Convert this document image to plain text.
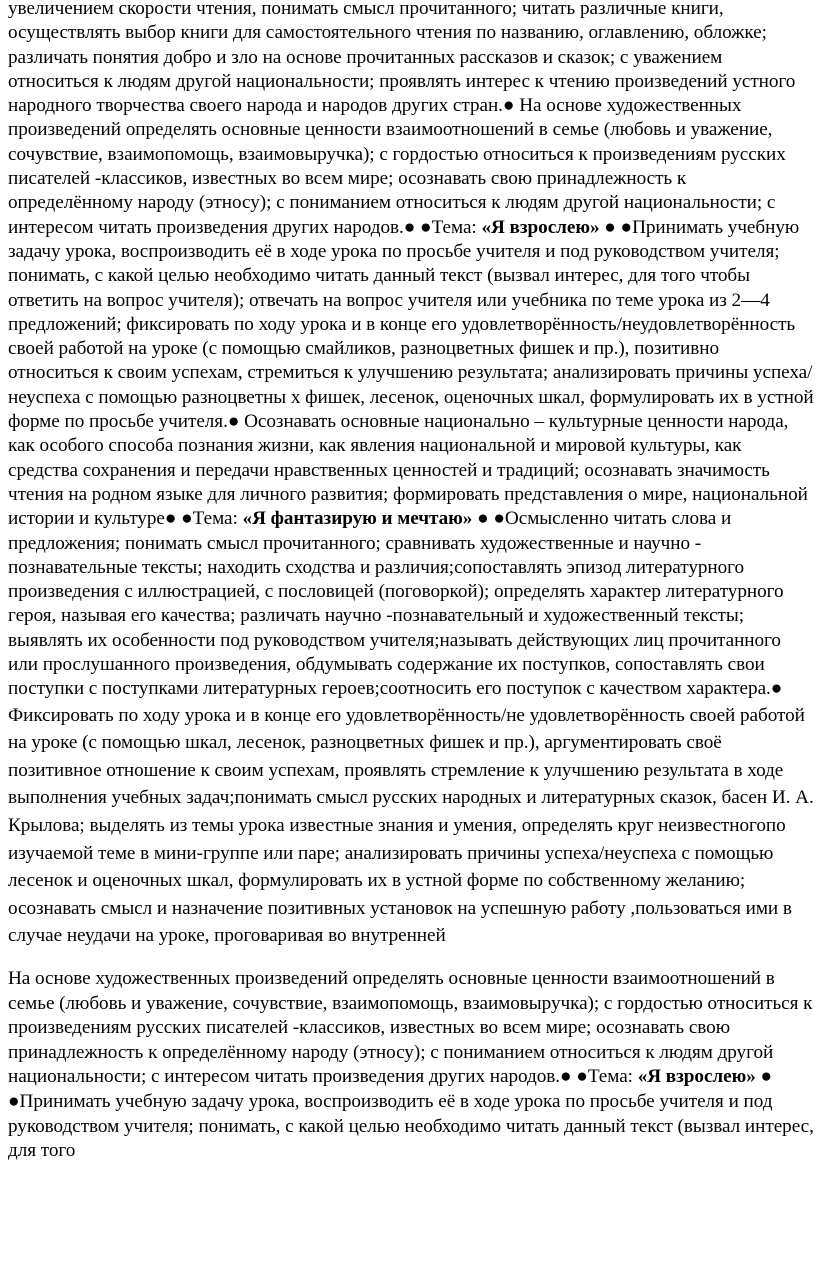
увеличением скорости чтения, понимать смысл прочитанного; читать различные книги, осуществлять выбор книги для самостоятельного чтения по названию, оглавлению, обложке; различать понятия добро и зло на основе прочитанных рассказов и сказок; с уважением относиться к людям другой национальности; проявлять интерес к чтению произведений устного народного творчества своего народа и народов других стран.● На основе художественных произведений определять основные ценности взаимоотношений в семье (любовь и уважение, сочувствие, взаимопомощь, взаимовыручка); с гордостью относиться к произведениям русских писателей -классиков, известных во всем мире; осознавать свою принадлежность к определённому народу (этносу); с пониманием относиться к людям другой национальности; с интересом читать произведения других народов.● ●Тема: «Я взрослею» ● ●Принимать учебную задачу урока, воспроизводить её в ходе урока по просьбе учителя и под руководством учителя; понимать, с какой целью необходимо читать данный текст (вызвал интерес, для того чтобы ответить на вопрос учителя); отвечать на вопрос учителя или учебника по теме урока из 2—4 предложений; фиксировать по ходу урока и в конце его удовлетворённость/неудовлетворённость своей работой на уроке (с помощью смайликов, разноцветных фишек и пр.), позитивно относиться к своим успехам, стремиться к улучшению результата; анализировать причины успеха/неуспеха с помощью разноцветны х фишек, лесенок, оценочных шкал, формулировать их в устной форме по просьбе учителя.● Осознавать основные национально – культурные ценности народа, как особого способа познания жизни, как явления национальной и мировой культуры, как средства сохранения и передачи нравственных ценностей и традиций; осознавать значимость чтения на родном языке для личного развития; формировать представления о мире, национальной истории и культуре● ●Тема: «Я фантазирую и мечтаю» ● ●Осмысленно читать слова и предложения; понимать смысл прочитанного; сравнивать художественные и научно - познавательные тексты; находить сходства и различия;сопоставлять эпизод литературного произведения с иллюстрацией, с пословицей (поговоркой); определять характер литературного героя, называя его качества; различать научно -познавательный и художественный тексты; выявлять их особенности под руководством учителя;называть действующих лиц прочитанного или прослушанного произведения, обдумывать содержание их поступков, сопоставлять свои поступки с поступками литературных героев;соотносить его поступок с качеством характера.●
Фиксировать по ходу урока и в конце его удовлетворённость/не удовлетворённость своей работой на уроке (с помощью шкал, лесенок, разноцветных фишек и пр.), аргументировать своё позитивное отношение к своим успехам, проявлять стремление к улучшению результата в ходе выполнения учебных задач;понимать смысл русских народных и литературных сказок, басен И. А. Крылова; выделять из темы урока известные знания и умения, определять круг неизвестногопо изучаемой теме в мини-группе или паре; анализировать причины успеха/неуспеха с помощью лесенок и оценочных шкал, формулировать их в устной форме по собственному желанию; осознавать смысл и назначение позитивных установок на успешную работу ,пользоваться ими в случае неудачи на уроке, проговаривая во внутренней
На основе художественных произведений определять основные ценности взаимоотношений в семье (любовь и уважение, сочувствие, взаимопомощь, взаимовыручка); с гордостью относиться к произведениям русских писателей -классиков, известных во всем мире; осознавать свою принадлежность к определённому народу (этносу); с пониманием относиться к людям другой национальности; с интересом читать произведения других народов.● ●Тема: «Я взрослею» ● ●Принимать учебную задачу урока, воспроизводить её в ходе урока по просьбе учителя и под руководством учителя; понимать, с какой целью необходимо читать данный текст (вызвал интерес, для того
